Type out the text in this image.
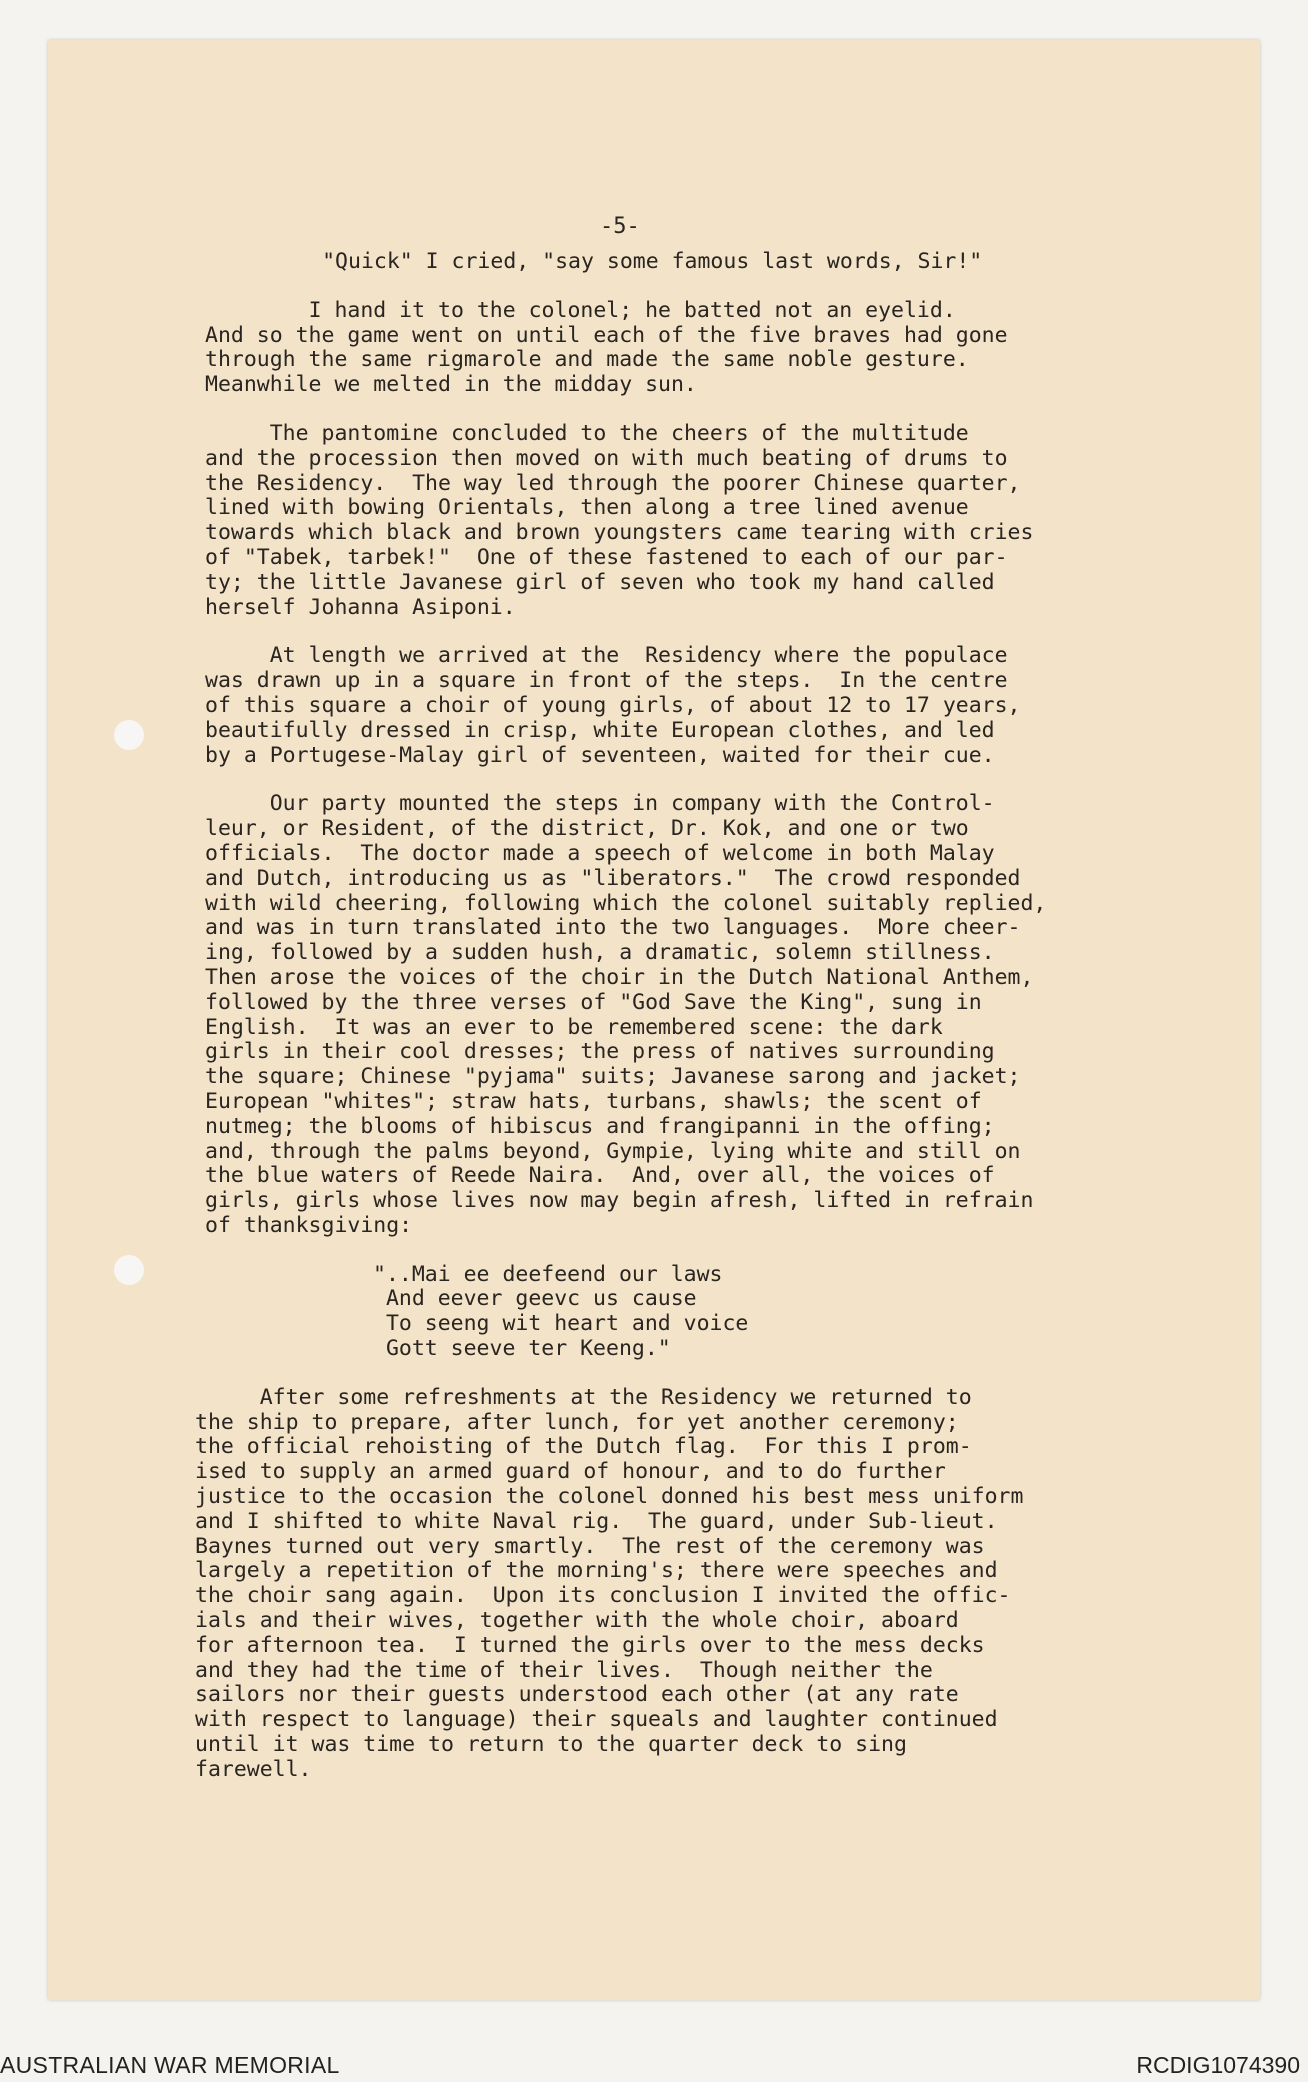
-5-

"Quick" I cried, "say some famous last words, Sir!"

I hand it to the colonel; he batted not an eyelid.
And so the game went on until each of the five braves had gone
through the same rigmarole and made the same noble gesture.
Meanwhile we melted in the midday sun.

The pantomine concluded to the cheers of the multitude
and the procession then moved on with much beating of drums to
the Residency.  The way led through the poorer Chinese quarter,
lined with bowing Orientals, then along a tree lined avenue
towards which black and brown youngsters came tearing with cries
of "Tabek, tarbek!"  One of these fastened to each of our par-
ty; the little Javanese girl of seven who took my hand called
herself Johanna Asiponi.

At length we arrived at the  Residency where the populace
was drawn up in a square in front of the steps.  In the centre
of this square a choir of young girls, of about 12 to 17 years,
beautifully dressed in crisp, white European clothes, and led
by a Portugese-Malay girl of seventeen, waited for their cue.

Our party mounted the steps in company with the Control-
leur, or Resident, of the district, Dr. Kok, and one or two
officials.  The doctor made a speech of welcome in both Malay
and Dutch, introducing us as "liberators."  The crowd responded
with wild cheering, following which the colonel suitably replied,
and was in turn translated into the two languages.  More cheer-
ing, followed by a sudden hush, a dramatic, solemn stillness.
Then arose the voices of the choir in the Dutch National Anthem,
followed by the three verses of "God Save the King", sung in
English.  It was an ever to be remembered scene: the dark
girls in their cool dresses; the press of natives surrounding
the square; Chinese "pyjama" suits; Javanese sarong and jacket;
European "whites"; straw hats, turbans, shawls; the scent of
nutmeg; the blooms of hibiscus and frangipanni in the offing;
and, through the palms beyond, Gympie, lying white and still on
the blue waters of Reede Naira.  And, over all, the voices of
girls, girls whose lives now may begin afresh, lifted in refrain
of thanksgiving:

"..Mai ee deefeend our laws
And eever geevc us cause
To seeng wit heart and voice
Gott seeve ter Keeng."

After some refreshments at the Residency we returned to
the ship to prepare, after lunch, for yet another ceremony;
the official rehoisting of the Dutch flag.  For this I prom-
ised to supply an armed guard of honour, and to do further
justice to the occasion the colonel donned his best mess uniform
and I shifted to white Naval rig.  The guard, under Sub-lieut.
Baynes turned out very smartly.  The rest of the ceremony was
largely a repetition of the morning's; there were speeches and
the choir sang again.  Upon its conclusion I invited the offic-
ials and their wives, together with the whole choir, aboard
for afternoon tea.  I turned the girls over to the mess decks
and they had the time of their lives.  Though neither the
sailors nor their guests understood each other (at any rate
with respect to language) their squeals and laughter continued
until it was time to return to the quarter deck to sing
farewell.

AUSTRALIAN WAR MEMORIAL	RCDIG1074390
